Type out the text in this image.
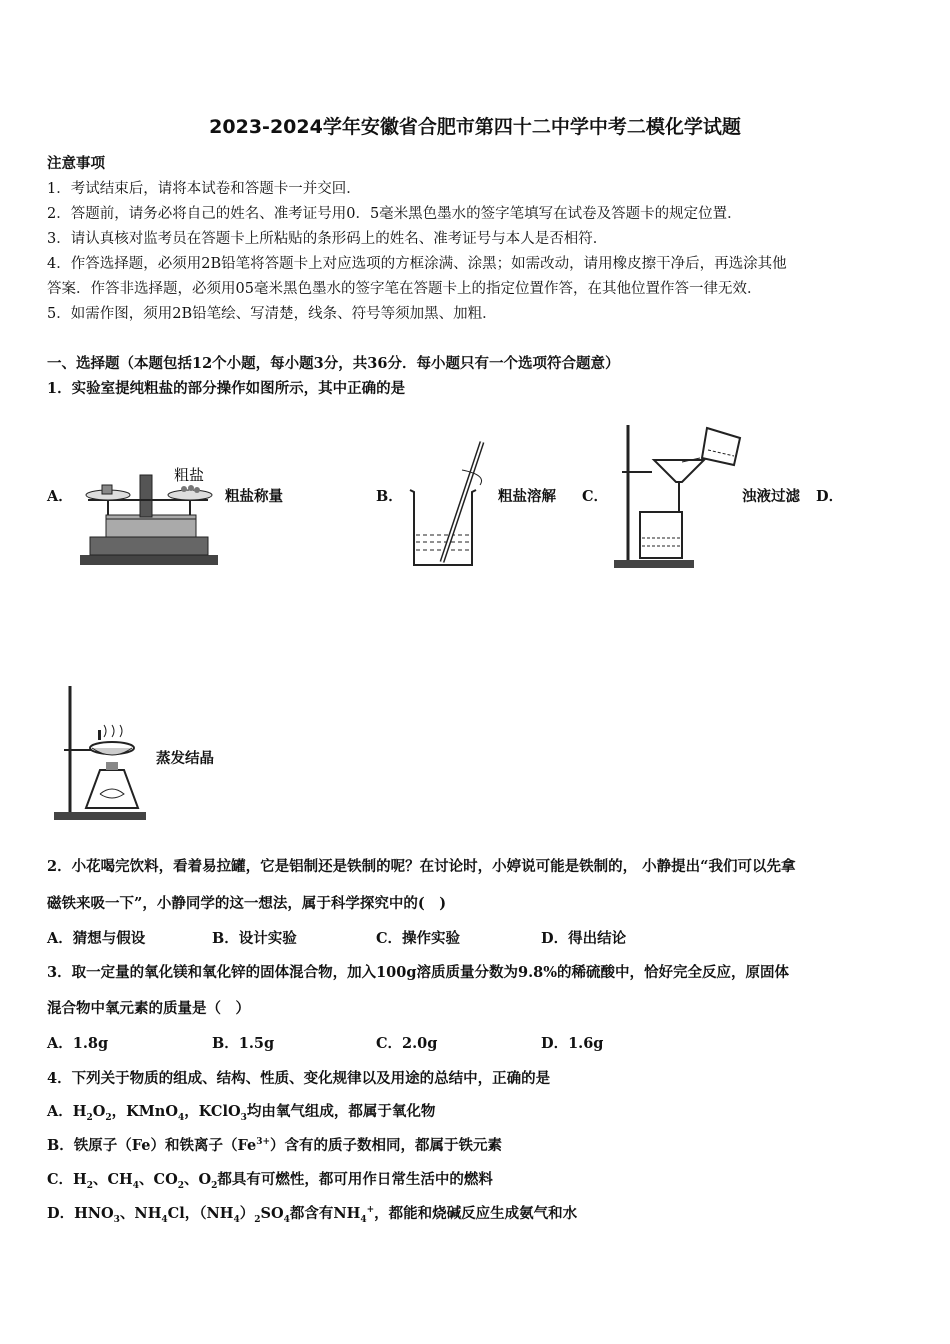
2023-2024学年安徽省合肥市第四十二中学中考二模化学试题
注意事项
1．考试结束后，请将本试卷和答题卡一并交回．
2．答题前，请务必将自己的姓名、准考证号用0．5毫米黑色墨水的签字笔填写在试卷及答题卡的规定位置．
3．请认真核对监考员在答题卡上所粘贴的条形码上的姓名、准考证号与本人是否相符．
4．作答选择题，必须用2B铅笔将答题卡上对应选项的方框涂满、涂黑；如需改动，请用橡皮擦干净后，再选涂其他
答案．作答非选择题，必须用05毫米黑色墨水的签字笔在答题卡上的指定位置作答，在其他位置作答一律无效．
5．如需作图，须用2B铅笔绘、写清楚，线条、符号等须加黑、加粗．
一、选择题（本题包括12个小题，每小题3分，共36分．每小题只有一个选项符合题意）
1．实验室提纯粗盐的部分操作如图所示，其中正确的是
A．
粗盐
粗盐称量	B．	粗盐溶解 C．	浊液过滤 D．
蒸发结晶
2．小花喝完饮料，看着易拉罐，它是铝制还是铁制的呢？在讨论时，小婷说可能是铁制的， 小静提出“我们可以先拿
磁铁来吸一下”，小静同学的这一想法，属于科学探究中的(　)
A．猜想与假设	B．设计实验	C．操作实验	D．得出结论
3．取一定量的氧化镁和氧化锌的固体混合物，加入100g溶质质量分数为9.8%的稀硫酸中，恰好完全反应，原固体
混合物中氧元素的质量是（　）
A．1.8g	B．1.5g	C．2.0g	D．1.6g
4．下列关于物质的组成、结构、性质、变化规律以及用途的总结中，正确的是
A．$H_2O_2$，KMnO$_4$，KClO$_3$均由氧气组成，都属于氧化物
B．铁原子（Fe）和铁离子$(Fe^{3+})$含有的质子数相同，都属于铁元素
C．$H_2$、$CH_4$、$CO_2$、$O_2$都具有可燃性，都可用作日常生活中的燃料
D．$HNO_3$、$NH_4Cl$，$(NH_4)_2SO_4$都含有$NH_4^+$，都能和烧碱反应生成氨气和水
